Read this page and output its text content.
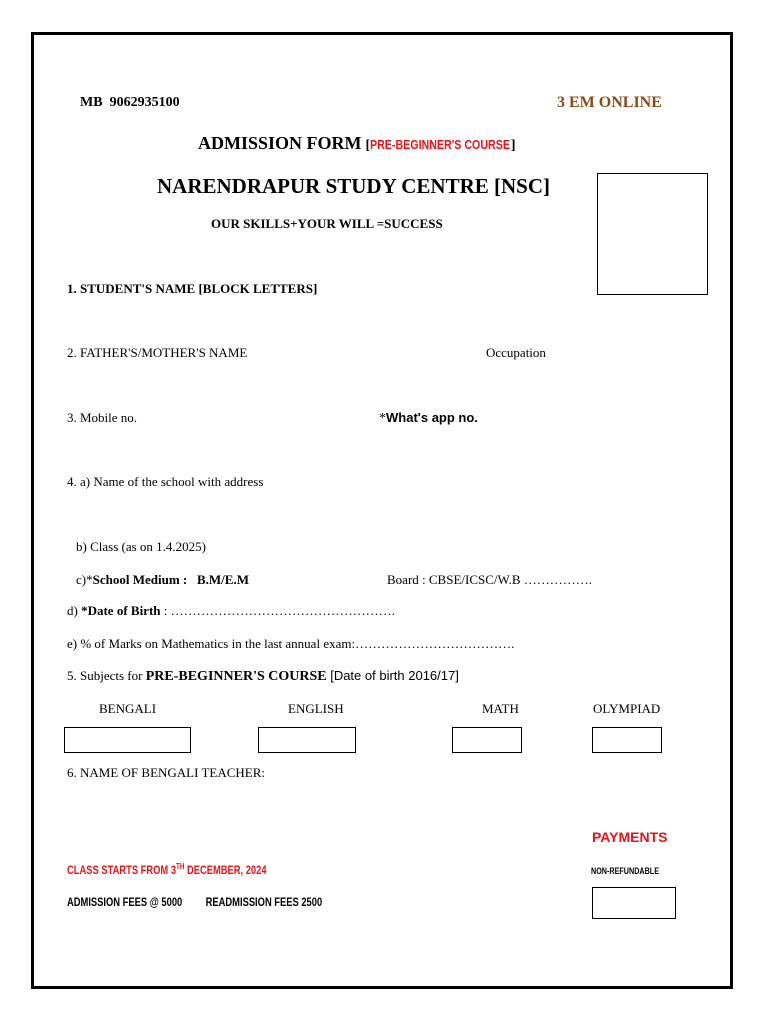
MB 9062935100	3 EM ONLINE
ADMISSION FORM [PRE-BEGINNER'S COURSE]
NARENDRAPUR STUDY CENTRE [NSC]
OUR SKILLS+YOUR WILL =SUCCESS
1. STUDENT'S NAME [BLOCK LETTERS]
2. FATHER'S/MOTHER'S NAME	Occupation
3. Mobile no.	*What's app no.
4. a) Name of the school with address
b) Class (as on 1.4.2025)
c)*School Medium : B.M/E.M	Board : CBSE/ICSC/W.B …………….
d) *Date of Birth : …………………………………………….
e) % of Marks on Mathematics in the last annual exam:……………………………….
5. Subjects for PRE-BEGINNER'S COURSE [Date of birth 2016/17]
BENGALI	ENGLISH	MATH	OLYMPIAD
6. NAME OF BENGALI TEACHER:
PAYMENTS
CLASS STARTS FROM 3TH DECEMBER, 2024	NON-REFUNDABLE
ADMISSION FEES @ 5000 READMISSION FEES 2500
